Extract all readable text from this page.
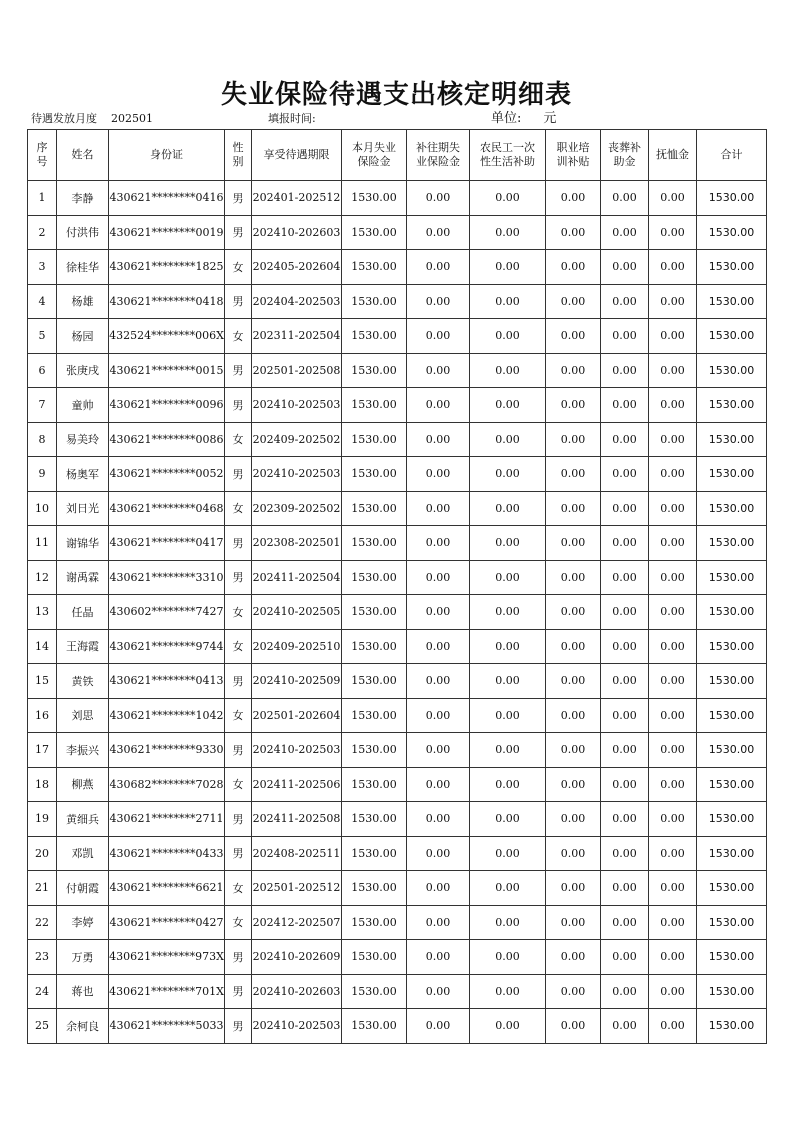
失业保险待遇支出核定明细表
待遇发放月度 202501	填报时间:	单位: 元
序号	姓名	身份证	性别	享受待遇期限	本月失业保险金	补往期失业保险金	农民工一次性生活补助	职业培训补贴	丧葬补助金	抚恤金	合计
1	李静	430621********0416	男	202401-202512	1530.00	0.00	0.00	0.00	0.00	0.00	1530.00
2	付洪伟	430621********0019	男	202410-202603	1530.00	0.00	0.00	0.00	0.00	0.00	1530.00
3	徐桂华	430621********1825	女	202405-202604	1530.00	0.00	0.00	0.00	0.00	0.00	1530.00
4	杨雄	430621********0418	男	202404-202503	1530.00	0.00	0.00	0.00	0.00	0.00	1530.00
5	杨园	432524********006X	女	202311-202504	1530.00	0.00	0.00	0.00	0.00	0.00	1530.00
6	张庚戌	430621********0015	男	202501-202508	1530.00	0.00	0.00	0.00	0.00	0.00	1530.00
7	童帅	430621********0096	男	202410-202503	1530.00	0.00	0.00	0.00	0.00	0.00	1530.00
8	易美玲	430621********0086	女	202409-202502	1530.00	0.00	0.00	0.00	0.00	0.00	1530.00
9	杨奥军	430621********0052	男	202410-202503	1530.00	0.00	0.00	0.00	0.00	0.00	1530.00
10	刘日光	430621********0468	女	202309-202502	1530.00	0.00	0.00	0.00	0.00	0.00	1530.00
11	谢锦华	430621********0417	男	202308-202501	1530.00	0.00	0.00	0.00	0.00	0.00	1530.00
12	谢禹霖	430621********3310	男	202411-202504	1530.00	0.00	0.00	0.00	0.00	0.00	1530.00
13	任晶	430602********7427	女	202410-202505	1530.00	0.00	0.00	0.00	0.00	0.00	1530.00
14	王海霞	430621********9744	女	202409-202510	1530.00	0.00	0.00	0.00	0.00	0.00	1530.00
15	黄铁	430621********0413	男	202410-202509	1530.00	0.00	0.00	0.00	0.00	0.00	1530.00
16	刘思	430621********1042	女	202501-202604	1530.00	0.00	0.00	0.00	0.00	0.00	1530.00
17	李振兴	430621********9330	男	202410-202503	1530.00	0.00	0.00	0.00	0.00	0.00	1530.00
18	柳燕	430682********7028	女	202411-202506	1530.00	0.00	0.00	0.00	0.00	0.00	1530.00
19	黄细兵	430621********2711	男	202411-202508	1530.00	0.00	0.00	0.00	0.00	0.00	1530.00
20	邓凯	430621********0433	男	202408-202511	1530.00	0.00	0.00	0.00	0.00	0.00	1530.00
21	付朝霞	430621********6621	女	202501-202512	1530.00	0.00	0.00	0.00	0.00	0.00	1530.00
22	李婷	430621********0427	女	202412-202507	1530.00	0.00	0.00	0.00	0.00	0.00	1530.00
23	万勇	430621********973X	男	202410-202609	1530.00	0.00	0.00	0.00	0.00	0.00	1530.00
24	蒋也	430621********701X	男	202410-202603	1530.00	0.00	0.00	0.00	0.00	0.00	1530.00
25	余柯良	430621********5033	男	202410-202503	1530.00	0.00	0.00	0.00	0.00	0.00	1530.00
